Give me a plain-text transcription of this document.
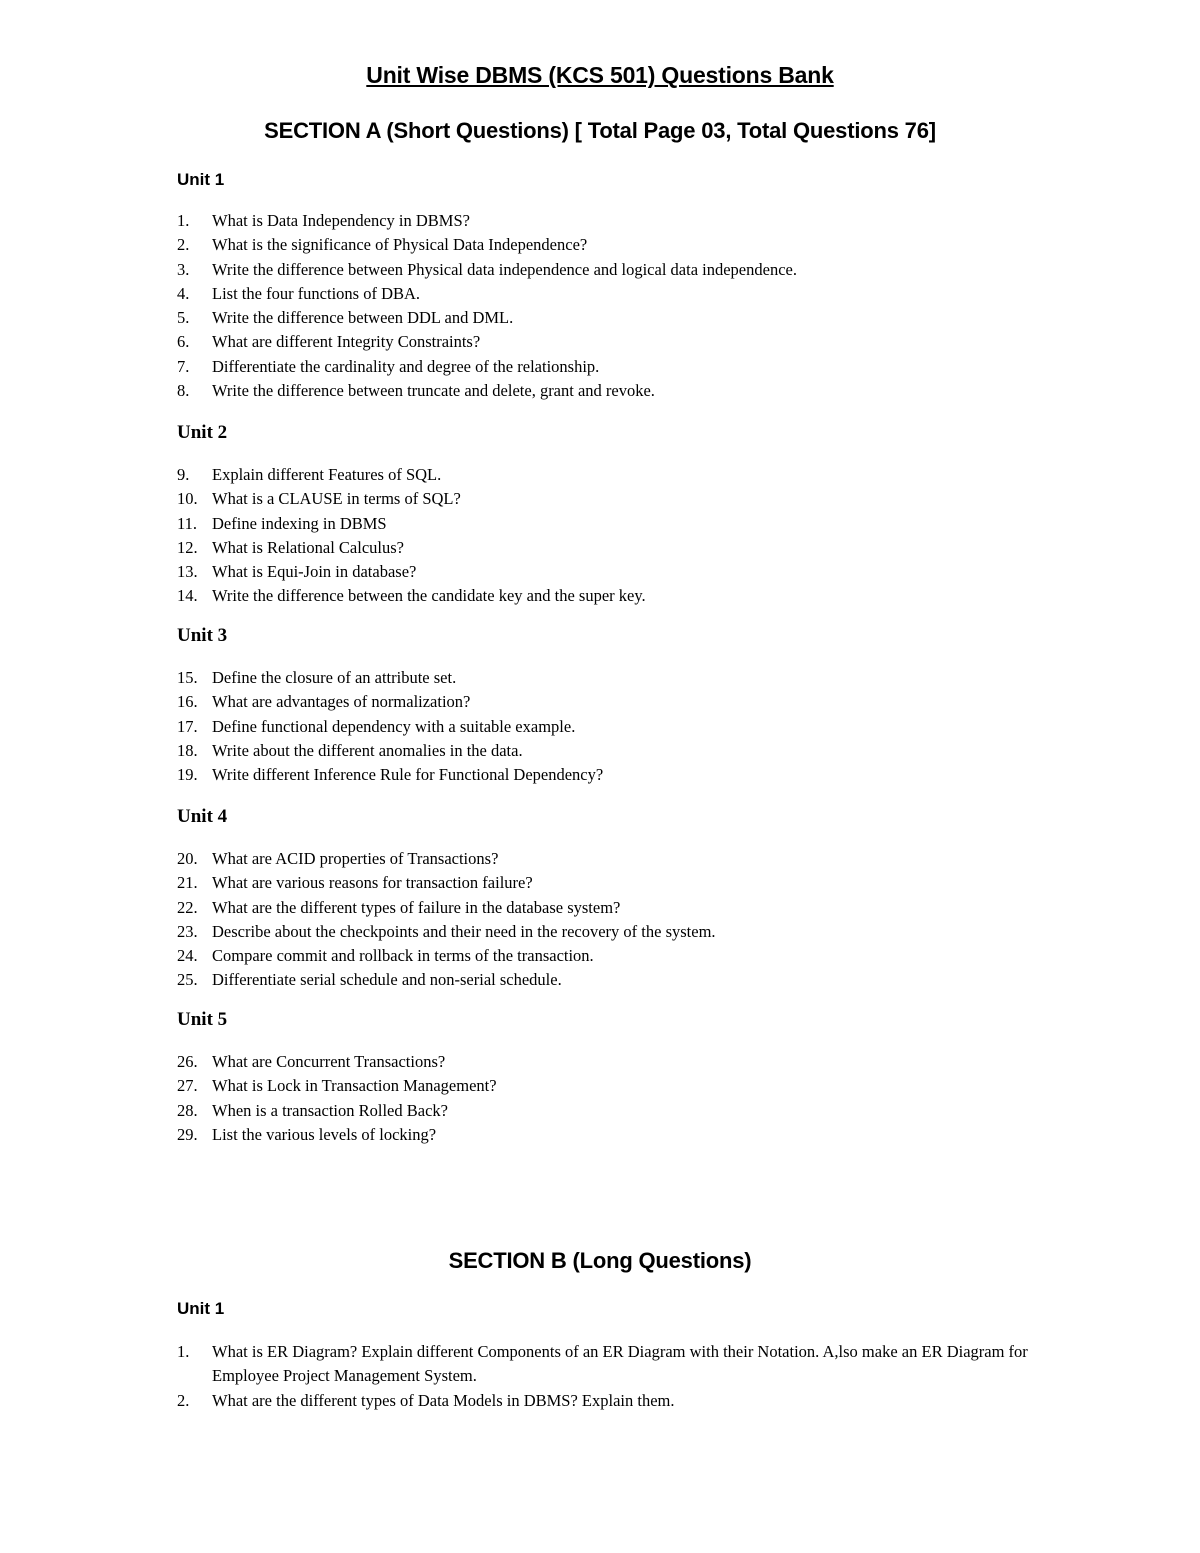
Unit Wise DBMS (KCS 501) Questions Bank
SECTION A (Short Questions) [ Total Page 03, Total Questions 76]
Unit 1
1. What is Data Independency in DBMS?
2. What is the significance of Physical Data Independence?
3. Write the difference between Physical data independence and logical data independence.
4. List the four functions of DBA.
5. Write the difference between DDL and DML.
6. What are different Integrity Constraints?
7. Differentiate the cardinality and degree of the relationship.
8. Write the difference between truncate and delete, grant and revoke.
Unit 2
9. Explain different Features of SQL.
10. What is a CLAUSE in terms of SQL?
11. Define indexing in DBMS
12. What is Relational Calculus?
13. What is Equi-Join in database?
14. Write the difference between the candidate key and the super key.
Unit 3
15. Define the closure of an attribute set.
16. What are advantages of normalization?
17. Define functional dependency with a suitable example.
18. Write about the different anomalies in the data.
19. Write different Inference Rule for Functional Dependency?
Unit 4
20. What are ACID properties of Transactions?
21. What are various reasons for transaction failure?
22. What are the different types of failure in the database system?
23. Describe about the checkpoints and their need in the recovery of the system.
24. Compare commit and rollback in terms of the transaction.
25. Differentiate serial schedule and non-serial schedule.
Unit 5
26. What are Concurrent Transactions?
27. What is Lock in Transaction Management?
28. When is a transaction Rolled Back?
29. List the various levels of locking?
SECTION B (Long Questions)
Unit 1
1. What is ER Diagram? Explain different Components of an ER Diagram with their Notation. A,lso make an ER Diagram for Employee Project Management System.
2. What are the different types of Data Models in DBMS? Explain them.
